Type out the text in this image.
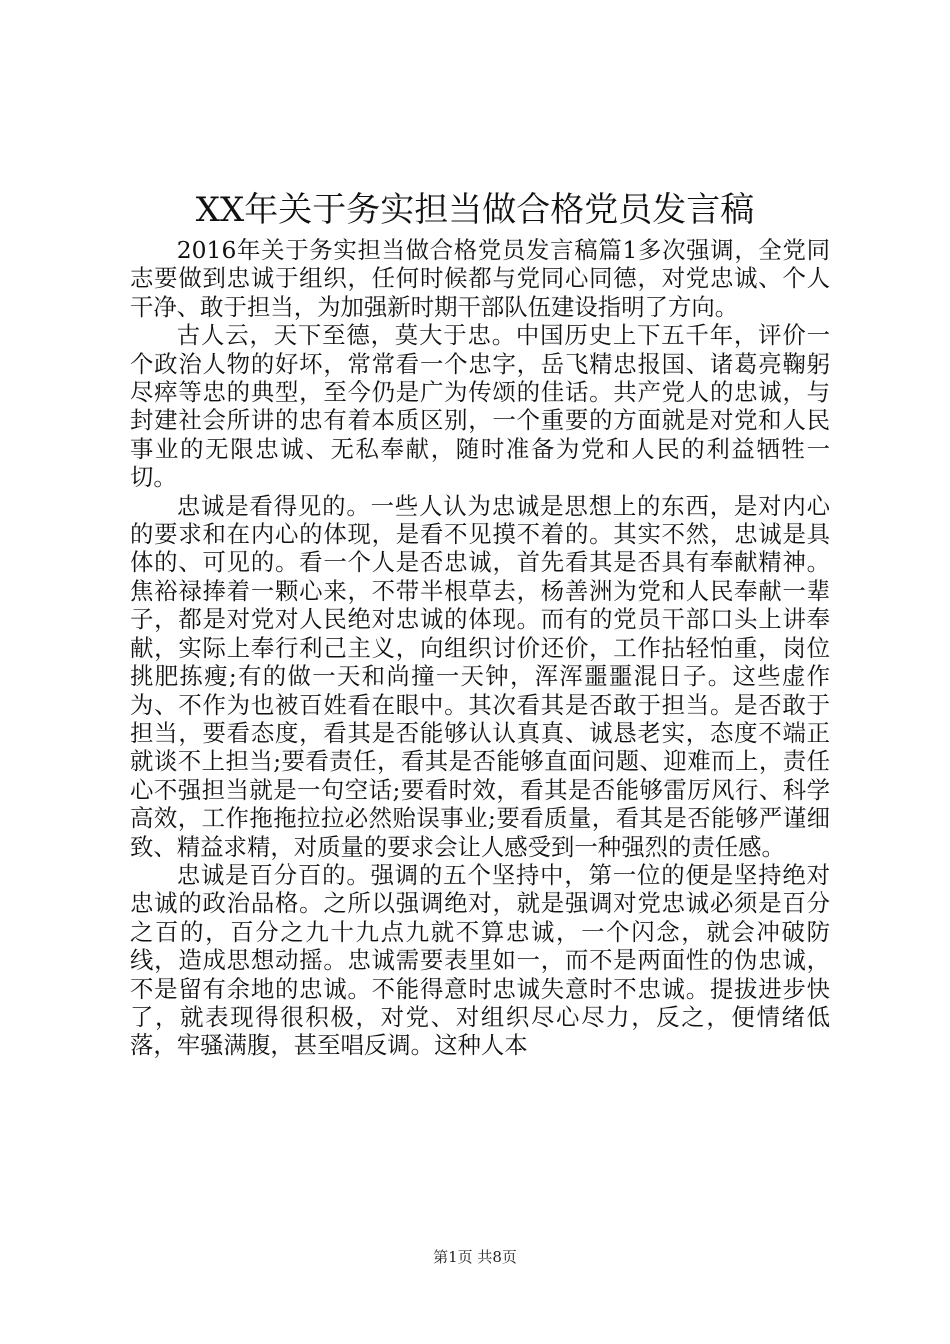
XX年关于务实担当做合格党员发言稿

2016年关于务实担当做合格党员发言稿篇1多次强调，全党同志要做到忠诚于组织，任何时候都与党同心同德，对党忠诚、个人干净、敢于担当，为加强新时期干部队伍建设指明了方向。

古人云，天下至德，莫大于忠。中国历史上下五千年，评价一个政治人物的好坏，常常看一个忠字，岳飞精忠报国、诸葛亮鞠躬尽瘁等忠的典型，至今仍是广为传颂的佳话。共产党人的忠诚，与封建社会所讲的忠有着本质区别，一个重要的方面就是对党和人民事业的无限忠诚、无私奉献，随时准备为党和人民的利益牺牲一切。

忠诚是看得见的。一些人认为忠诚是思想上的东西，是对内心的要求和在内心的体现，是看不见摸不着的。其实不然，忠诚是具体的、可见的。看一个人是否忠诚，首先看其是否具有奉献精神。焦裕禄捧着一颗心来，不带半根草去，杨善洲为党和人民奉献一辈子，都是对党对人民绝对忠诚的体现。而有的党员干部口头上讲奉献，实际上奉行利己主义，向组织讨价还价，工作拈轻怕重，岗位挑肥拣瘦;有的做一天和尚撞一天钟，浑浑噩噩混日子。这些虚作为、不作为也被百姓看在眼中。其次看其是否敢于担当。是否敢于担当，要看态度，看其是否能够认认真真、诚恳老实，态度不端正就谈不上担当;要看责任，看其是否能够直面问题、迎难而上，责任心不强担当就是一句空话;要看时效，看其是否能够雷厉风行、科学高效，工作拖拖拉拉必然贻误事业;要看质量，看其是否能够严谨细致、精益求精，对质量的要求会让人感受到一种强烈的责任感。

忠诚是百分百的。强调的五个坚持中，第一位的便是坚持绝对忠诚的政治品格。之所以强调绝对，就是强调对党忠诚必须是百分之百的，百分之九十九点九就不算忠诚，一个闪念，就会冲破防线，造成思想动摇。忠诚需要表里如一，而不是两面性的伪忠诚，不是留有余地的忠诚。不能得意时忠诚失意时不忠诚。提拔进步快了，就表现得很积极，对党、对组织尽心尽力，反之，便情绪低落，牢骚满腹，甚至唱反调。这种人本

第1页 共8页
